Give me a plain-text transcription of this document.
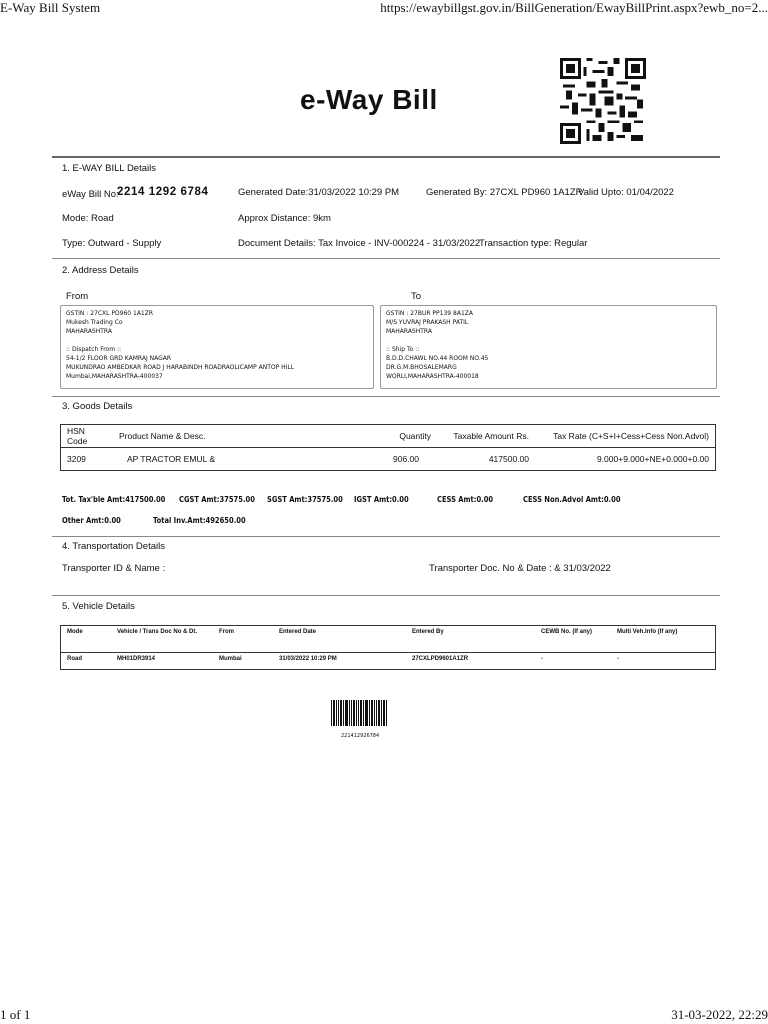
E-Way Bill System	https://ewaybillgst.gov.in/BillGeneration/EwayBillPrint.aspx?ewb_no=2...
1 of 1	31-03-2022, 22:29
e-Way Bill
1. E-WAY BILL Details
eWay Bill No:
2214 1292 6784	Generated Date:31/03/2022 10:29 PM	Generated By: 27CXL PD960 1A1ZR
Valid Upto: 01/04/2022
Mode: Road	Approx Distance: 9km
Type: Outward - Supply	Document Details: Tax Invoice - INV-000224 - 31/03/2022
Transaction type: Regular
2. Address Details
From	To
GSTIN : 27CXL PD960 1A1ZR
Mukesh Trading Co
MAHARASHTRA
:: Dispatch From ::
54-1/2 FLOOR GRD KAMRAJ NAGAR
MUKUNDRAO AMBEDKAR ROAD J HARABINDH ROADRAOLICAMP ANTOP HILL
Mumbai,MAHARASHTRA-400037
GSTIN : 27BUR PP139 8A1ZA
M/S YUVRAJ PRAKASH PATIL
MAHARASHTRA
:: Ship To ::
B.D.D.CHAWL NO.44 ROOM NO.45
DR.G.M.BHOSALEMARG
WORLI,MAHARASHTRA-400018
3. Goods Details
HSN Code	Product Name & Desc.	Quantity	Taxable Amount Rs.	Tax Rate (C+S+I+Cess+Cess Non.Advol)
3209	AP TRACTOR EMUL &	906.00	417500.00	9.000+9.000+NE+0.000+0.00
Tot. Tax'ble Amt:417500.00 CGST Amt:37575.00 SGST Amt:37575.00 IGST Amt:0.00	CESS Amt:0.00	CESS Non.Advol Amt:0.00
Other Amt:0.00	Total Inv.Amt:492650.00
4. Transportation Details
Transporter ID & Name :	Transporter Doc. No & Date : & 31/03/2022
5. Vehicle Details
Mode	Vehicle / Trans Doc No & Dt.	From	Entered Date	Entered By	CEWB No. (If any)	Multi Veh.Info (If any)
Road	MH01DR3914	Mumbai	31/03/2022 10:29 PM	27CXLPD9601A1ZR	-	-
221412926784
